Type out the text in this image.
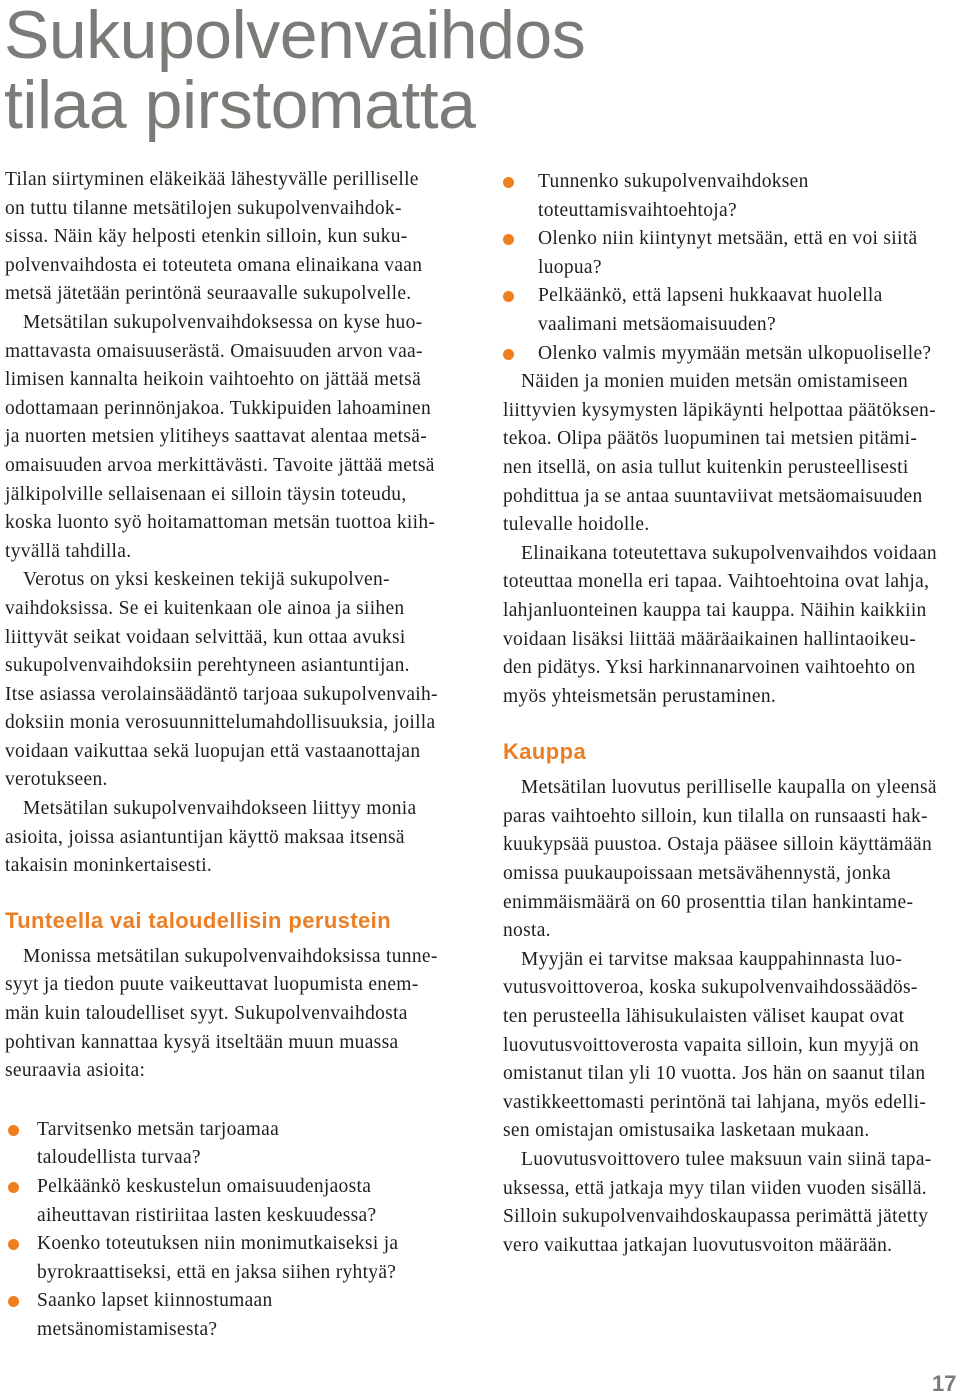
Sukupolvenvaihdos
tilaa pirstomatta
Tilan siirtyminen eläkeikää lähestyvälle perilliselle
on tuttu tilanne metsätilojen sukupolvenvaihdok-
sissa. Näin käy helposti etenkin silloin, kun suku-
polvenvaihdosta ei toteuteta omana elinaikana vaan
metsä jätetään perintönä seuraavalle sukupolvelle.
Metsätilan sukupolvenvaihdoksessa on kyse huo-
mattavasta omaisuuserästä. Omaisuuden arvon vaa-
limisen kannalta heikoin vaihtoehto on jättää metsä
odottamaan perinnönjakoa. Tukkipuiden lahoaminen
ja nuorten metsien ylitiheys saattavat alentaa metsä-
omaisuuden arvoa merkittävästi. Tavoite jättää metsä
jälkipolville sellaisenaan ei silloin täysin toteudu,
koska luonto syö hoitamattoman metsän tuottoa kiih-
tyvällä tahdilla.
Verotus on yksi keskeinen tekijä sukupolven-
vaihdoksissa. Se ei kuitenkaan ole ainoa ja siihen
liittyvät seikat voidaan selvittää, kun ottaa avuksi
sukupolvenvaihdoksiin perehtyneen asiantuntijan.
Itse asiassa verolainsäädäntö tarjoaa sukupolvenvaih-
doksiin monia verosuunnittelumahdollisuuksia, joilla
voidaan vaikuttaa sekä luopujan että vastaanottajan
verotukseen.
Metsätilan sukupolvenvaihdokseen liittyy monia
asioita, joissa asiantuntijan käyttö maksaa itsensä
takaisin moninkertaisesti.
Tunteella vai taloudellisin perustein
Monissa metsätilan sukupolvenvaihdoksissa tunne-
syyt ja tiedon puute vaikeuttavat luopumista enem-
män kuin taloudelliset syyt. Sukupolvenvaihdosta
pohtivan kannattaa kysyä itseltään muun muassa
seuraavia asioita:
Tarvitsenko metsän tarjoamaa
taloudellista turvaa?
Pelkäänkö keskustelun omaisuudenjaosta
aiheuttavan ristiriitaa lasten keskuudessa?
Koenko toteutuksen niin monimutkaiseksi ja
byrokraattiseksi, että en jaksa siihen ryhtyä?
Saanko lapset kiinnostumaan
metsänomistamisesta?
Tunnenko sukupolvenvaihdoksen
toteuttamisvaihtoehtoja?
Olenko niin kiintynyt metsään, että en voi siitä
luopua?
Pelkäänkö, että lapseni hukkaavat huolella
vaalimani metsäomaisuuden?
Olenko valmis myymään metsän ulkopuoliselle?
Näiden ja monien muiden metsän omistamiseen
liittyvien kysymysten läpikäynti helpottaa päätöksen-
tekoa. Olipa päätös luopuminen tai metsien pitämi-
nen itsellä, on asia tullut kuitenkin perusteellisesti
pohdittua ja se antaa suuntaviivat metsäomaisuuden
tulevalle hoidolle.
Elinaikana toteutettava sukupolvenvaihdos voidaan
toteuttaa monella eri tapaa. Vaihtoehtoina ovat lahja,
lahjanluonteinen kauppa tai kauppa. Näihin kaikkiin
voidaan lisäksi liittää määräaikainen hallintaoikeu-
den pidätys. Yksi harkinnanarvoinen vaihtoehto on
myös yhteismetsän perustaminen.
Kauppa
Metsätilan luovutus perilliselle kaupalla on yleensä
paras vaihtoehto silloin, kun tilalla on runsaasti hak-
kuukypsää puustoa. Ostaja pääsee silloin käyttämään
omissa puukaupoissaan metsävähennystä, jonka
enimmäismäärä on 60 prosenttia tilan hankintame-
nosta.
Myyjän ei tarvitse maksaa kauppahinnasta luo-
vutusvoittoveroa, koska sukupolvenvaihdossäädös-
ten perusteella lähisukulaisten väliset kaupat ovat
luovutusvoittoverosta vapaita silloin, kun myyjä on
omistanut tilan yli 10 vuotta. Jos hän on saanut tilan
vastikkeettomasti perintönä tai lahjana, myös edelli-
sen omistajan omistusaika lasketaan mukaan.
Luovutusvoittovero tulee maksuun vain siinä tapa-
uksessa, että jatkaja myy tilan viiden vuoden sisällä.
Silloin sukupolvenvaihdoskaupassa perimättä jätetty
vero vaikuttaa jatkajan luovutusvoiton määrään.
17
